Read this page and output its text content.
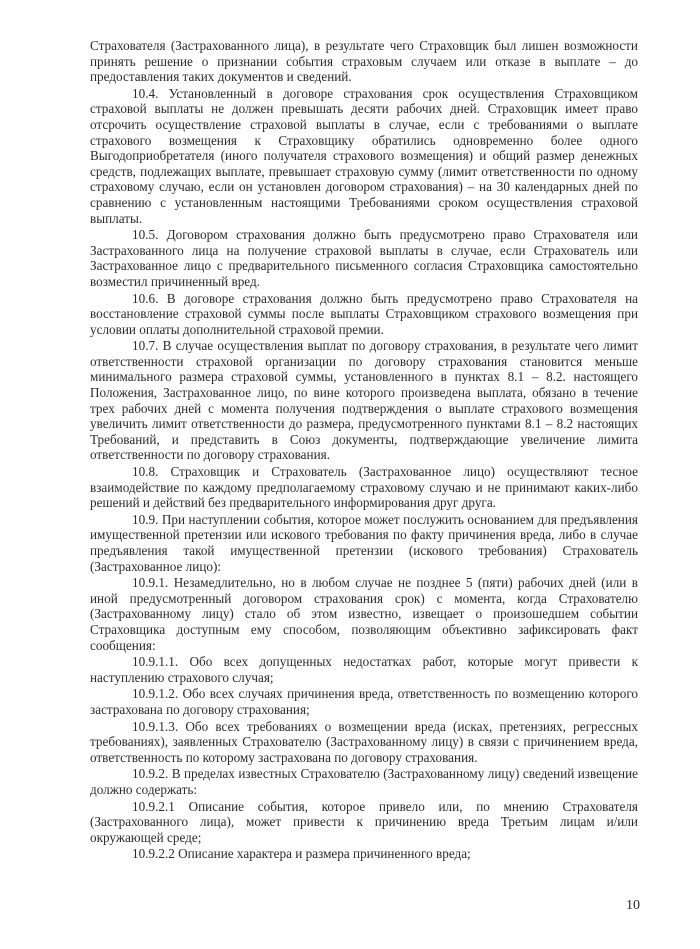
Страхователя (Застрахованного лица), в результате чего Страховщик был лишен возможности принять решение о признании события страховым случаем или отказе в выплате – до предоставления таких документов и сведений.

10.4. Установленный в договоре страхования срок осуществления Страховщиком страховой выплаты не должен превышать десяти рабочих дней. Страховщик имеет право отсрочить осуществление страховой выплаты в случае, если с требованиями о выплате страхового возмещения к Страховщику обратились одновременно более одного Выгодоприобретателя (иного получателя страхового возмещения) и общий размер денежных средств, подлежащих выплате, превышает страховую сумму (лимит ответственности по одному страховому случаю, если он установлен договором страхования) – на 30 календарных дней по сравнению с установленным настоящими Требованиями сроком осуществления страховой выплаты.

10.5. Договором страхования должно быть предусмотрено право Страхователя или Застрахованного лица на получение страховой выплаты в случае, если Страхователь или Застрахованное лицо с предварительного письменного согласия Страховщика самостоятельно возместил причиненный вред.

10.6. В договоре страхования должно быть предусмотрено право Страхователя на восстановление страховой суммы после выплаты Страховщиком страхового возмещения при условии оплаты дополнительной страховой премии.

10.7. В случае осуществления выплат по договору страхования, в результате чего лимит ответственности страховой организации по договору страхования становится меньше минимального размера страховой суммы, установленного в пунктах 8.1 – 8.2. настоящего Положения, Застрахованное лицо, по вине которого произведена выплата, обязано в течение трех рабочих дней с момента получения подтверждения о выплате страхового возмещения увеличить лимит ответственности до размера, предусмотренного пунктами 8.1 – 8.2 настоящих Требований, и представить в Союз документы, подтверждающие увеличение лимита ответственности по договору страхования.

10.8. Страховщик и Страхователь (Застрахованное лицо) осуществляют тесное взаимодействие по каждому предполагаемому страховому случаю и не принимают каких-либо решений и действий без предварительного информирования друг друга.

10.9. При наступлении события, которое может послужить основанием для предъявления имущественной претензии или искового требования по факту причинения вреда, либо в случае предъявления такой имущественной претензии (искового требования) Страхователь (Застрахованное лицо):

10.9.1. Незамедлительно, но в любом случае не позднее 5 (пяти) рабочих дней (или в иной предусмотренный договором страхования срок) с момента, когда Страхователю (Застрахованному лицу) стало об этом известно, извещает о произошедшем событии Страховщика доступным ему способом, позволяющим объективно зафиксировать факт сообщения:

10.9.1.1. Обо всех допущенных недостатках работ, которые могут привести к наступлению страхового случая;

10.9.1.2. Обо всех случаях причинения вреда, ответственность по возмещению которого застрахована по договору страхования;

10.9.1.3. Обо всех требованиях о возмещении вреда (исках, претензиях, регрессных требованиях), заявленных Страхователю (Застрахованному лицу) в связи с причинением вреда, ответственность по которому застрахована по договору страхования.

10.9.2. В пределах известных Страхователю (Застрахованному лицу) сведений извещение должно содержать:

10.9.2.1 Описание события, которое привело или, по мнению Страхователя (Застрахованного лица), может привести к причинению вреда Третьим лицам и/или окружающей среде;

10.9.2.2 Описание характера и размера причиненного вреда;

10
